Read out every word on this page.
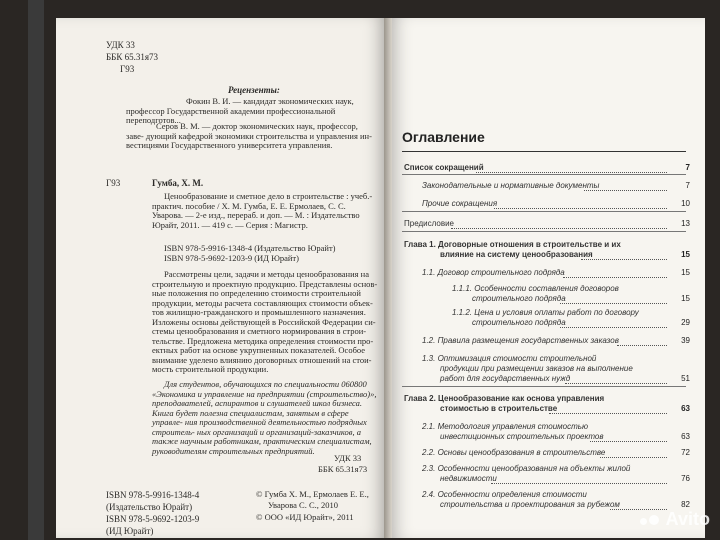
УДК 33
ББК 65.31я73
Г93
Рецензенты:
Фокин В. И. — кандидат экономических наук, профессор Государственной академии профессиональной переподготов...
Серов В. М. — доктор экономических наук, профессор, заве- дующий кафедрой экономики строительства и управления ин- вестициями Государственного университета управления.
Г93	Гумба, Х. М.
Ценообразование и сметное дело в строительстве : учеб.- практич. пособие / Х. М. Гумба, Е. Е. Ермолаев, С. С. Уварова. — 2-е изд., перераб. и доп. — М. : Издательство Юрайт, 2011. — 419 с. — Серия : Магистр.
ISBN 978-5-9916-1348-4 (Издательство Юрайт)
ISBN 978-5-9692-1203-9 (ИД Юрайт)
Рассмотрены цели, задачи и методы ценообразования на строительную и проектную продукцию. Представлены основ- ные положения по определению стоимости строительной продукции, методы расчета составляющих стоимости объек- тов жилищно-гражданского и промышленного назначения. Изложены основы действующей в Российской Федерации си- стемы ценообразования и сметного нормирования в строи- тельстве. Предложена методика определения стоимости про- ектных работ на основе укрупненных показателей. Особое внимание уделено влиянию договорных отношений на стои- мость строительной продукции.
Для студентов, обучающихся по специальности 060800 «Экономика и управление на предприятии (строительство)», преподавателей, аспирантов и слушателей школ бизнеса. Книга будет полезна специалистам, занятым в сфере управле- ния производственной деятельностью подрядных строитель- ных организаций и организаций-заказчиков, а также научным работникам, практическим специалистам, руководителям строительных предприятий.
УДК 33
ББК 65.31я73
ISBN 978-5-9916-1348-4
(Издательство Юрайт)
ISBN 978-5-9692-1203-9
(ИД Юрайт)
© Гумба Х. М., Ермолаев Е. Е.,
Уварова С. С., 2010
© ООО «ИД Юрайт», 2011
Оглавление
Список сокращений	7
Законодательные и нормативные документы	7
Прочие сокращения	10
Предисловие	13
Глава 1. Договорные отношения в строительстве и их
влияние на систему ценообразования	15
1.1. Договор строительного подряда	15
1.1.1. Особенности составления договоров
строительного подряда	15
1.1.2. Цена и условия оплаты работ по договору
строительного подряда	29
1.2. Правила размещения государственных заказов	39
1.3. Оптимизация стоимости строительной
продукции при размещении заказов на выполнение
работ для государственных нужд	51
Глава 2. Ценообразование как основа управления
стоимостью в строительстве	63
2.1. Методология управления стоимостью
инвестиционных строительных проектов	63
2.2. Основы ценообразования в строительстве	72
2.3. Особенности ценообразования на объекты жилой
недвижимости	76
2.4. Особенности определения стоимости
строительства и проектирования за рубежом	82
Avito
